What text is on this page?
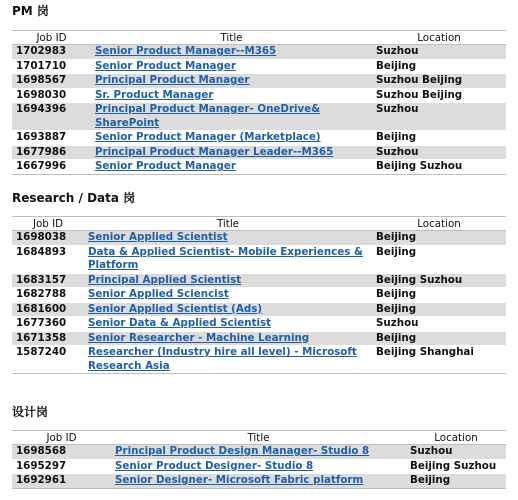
PM 岗
Job ID	Title	Location
1702983	Senior Product Manager--M365	Suzhou
1701710	Senior Product Manager	Beijing
1698567	Principal Product Manager	Suzhou Beijing
1698030	Sr. Product Manager	Suzhou Beijing
1694396	Principal Product Manager- OneDrive& SharePoint	Suzhou
1693887	Senior Product Manager (Marketplace)	Beijing
1677986	Principal Product Manager Leader--M365	Suzhou
1667996	Senior Product Manager	Beijing Suzhou
Research / Data 岗
Job ID	Title	Location
1698038	Senior Applied Scientist	Beijing
1684893	Data & Applied Scientist- Mobile Experiences & Platform	Beijing
1683157	Principal Applied Scientist	Beijing Suzhou
1682788	Senior Applied Sciencist	Beijing
1681600	Senior Applied Scientist (Ads)	Beijing
1677360	Senior Data & Applied Scientist	Suzhou
1671358	Senior Researcher - Machine Learning	Beijing
1587240	Researcher (Industry hire all level) - Microsoft Research Asia	Beijing Shanghai
设计岗
Job ID	Title	Location
1698568	Principal Product Design Manager- Studio 8	Suzhou
1695297	Senior Product Designer- Studio 8	Beijing Suzhou
1692961	Senior Designer- Microsoft Fabric platform	Beijing
